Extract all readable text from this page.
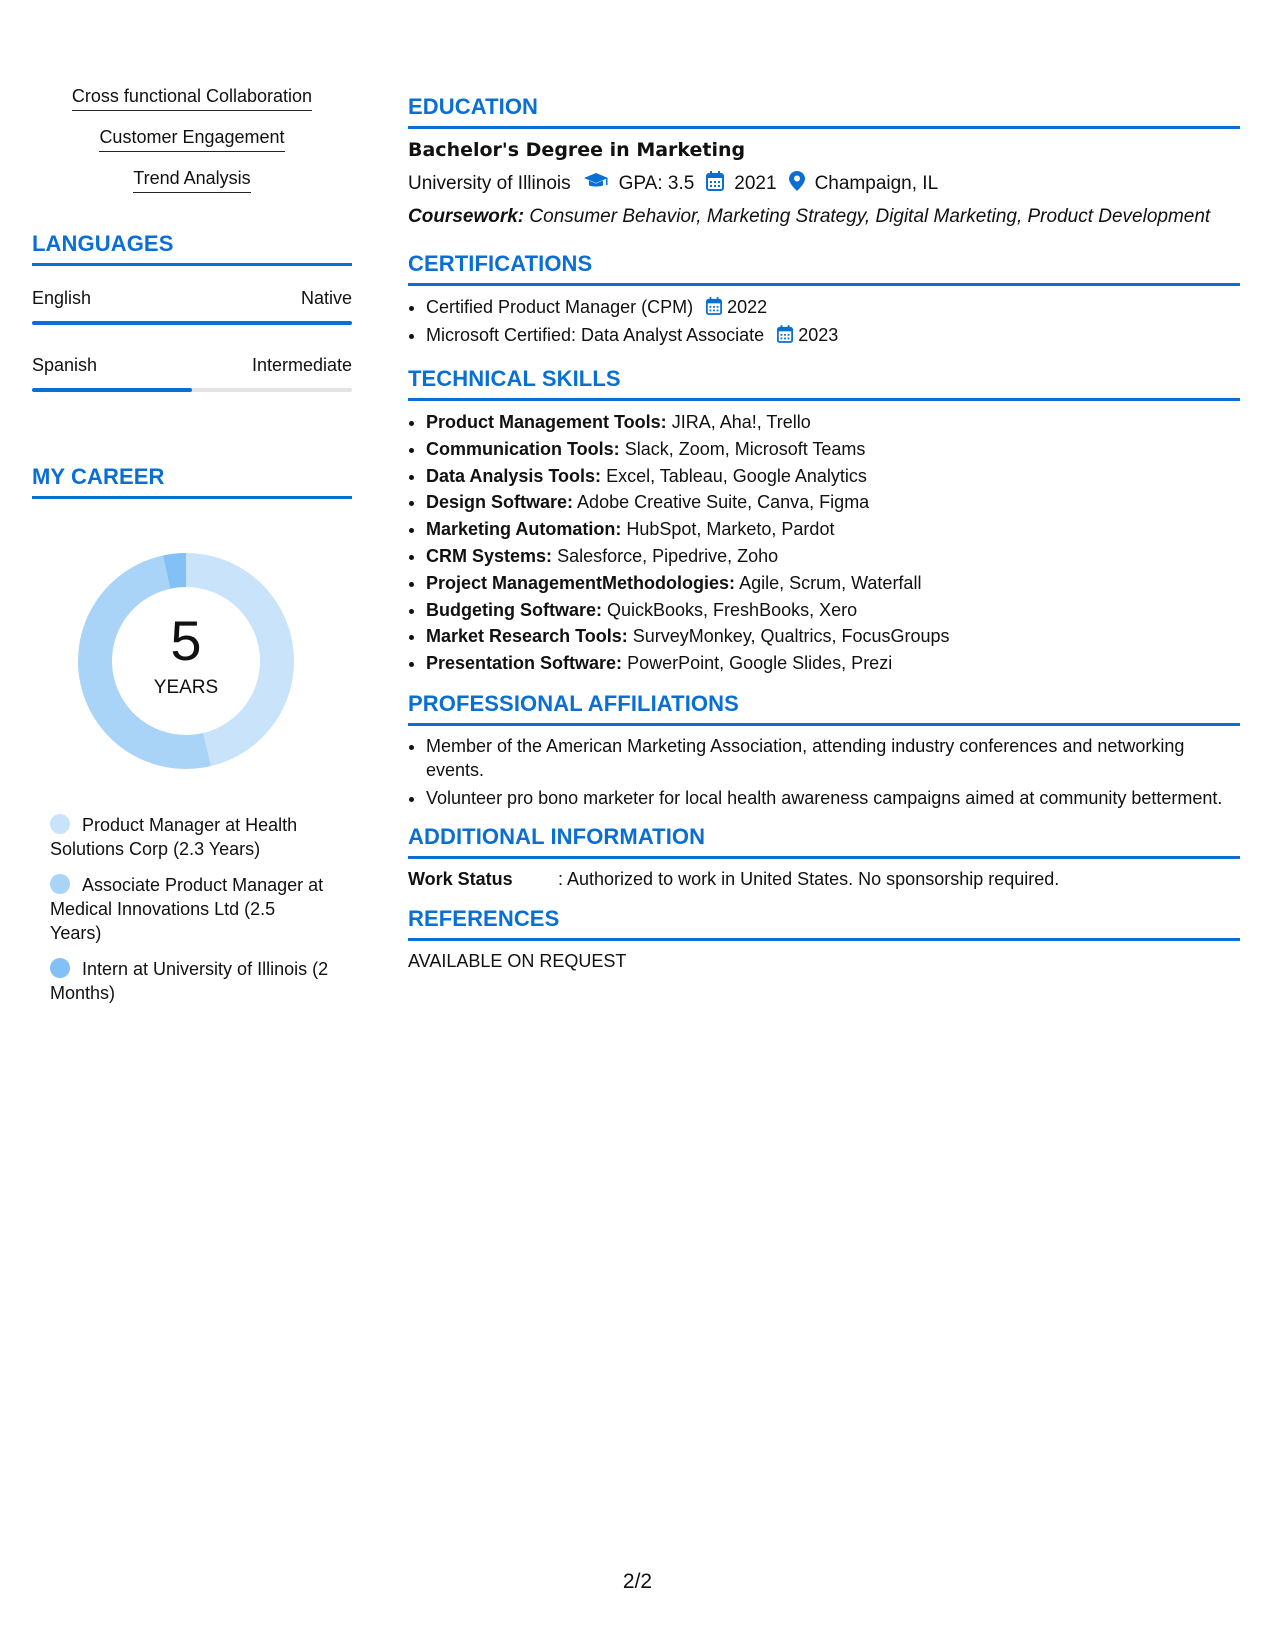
Cross functional Collaboration
Customer Engagement
Trend Analysis
LANGUAGES
English	Native
Spanish	Intermediate
MY CAREER
5
YEARS
Product Manager at Health Solutions Corp (2.3 Years)
Associate Product Manager at Medical Innovations Ltd (2.5 Years)
Intern at University of Illinois (2 Months)
EDUCATION
Bachelor's Degree in Marketing
University of Illinois	GPA: 3.5 2021 Champaign, IL
Coursework: Consumer Behavior, Marketing Strategy, Digital Marketing, Product Development
CERTIFICATIONS
• Certified Product Manager (CPM) 2022
• Microsoft Certified: Data Analyst Associate 2023
TECHNICAL SKILLS
• Product Management Tools: JIRA, Aha!, Trello
• Communication Tools: Slack, Zoom, Microsoft Teams
• Data Analysis Tools: Excel, Tableau, Google Analytics
• Design Software: Adobe Creative Suite, Canva, Figma
• Marketing Automation: HubSpot, Marketo, Pardot
• CRM Systems: Salesforce, Pipedrive, Zoho
• Project ManagementMethodologies: Agile, Scrum, Waterfall
• Budgeting Software: QuickBooks, FreshBooks, Xero
• Market Research Tools: SurveyMonkey, Qualtrics, FocusGroups
• Presentation Software: PowerPoint, Google Slides, Prezi
PROFESSIONAL AFFILIATIONS
• Member of the American Marketing Association, attending industry conferences and networking events.
• Volunteer pro bono marketer for local health awareness campaigns aimed at community betterment.
ADDITIONAL INFORMATION
Work Status	: Authorized to work in United States. No sponsorship required.
REFERENCES
AVAILABLE ON REQUEST
2/2
